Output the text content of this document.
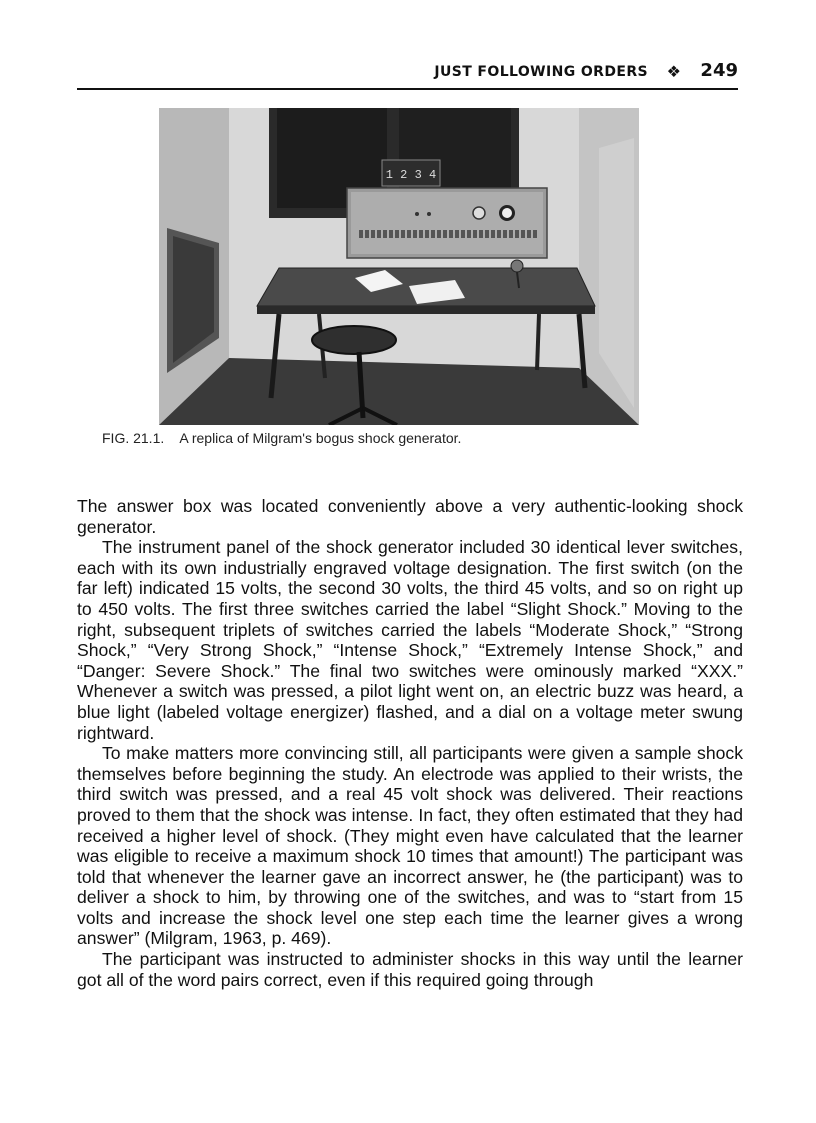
JUST FOLLOWING ORDERS ❖ 249
1 2 3 4
FIG. 21.1. A replica of Milgram's bogus shock generator.

The answer box was located conveniently above a very authentic-looking shock generator.

The instrument panel of the shock generator included 30 identical lever switches, each with its own industrially engraved voltage designation. The first switch (on the far left) indicated 15 volts, the second 30 volts, the third 45 volts, and so on right up to 450 volts. The first three switches carried the label “Slight Shock.” Moving to the right, subsequent triplets of switches carried the labels “Moderate Shock,” “Strong Shock,” “Very Strong Shock,” “Intense Shock,” “Extremely Intense Shock,” and “Danger: Severe Shock.” The final two switches were ominously marked “XXX.” Whenever a switch was pressed, a pilot light went on, an electric buzz was heard, a blue light (labeled voltage energizer) flashed, and a dial on a voltage meter swung rightward.

To make matters more convincing still, all participants were given a sample shock themselves before beginning the study. An electrode was applied to their wrists, the third switch was pressed, and a real 45 volt shock was delivered. Their reactions proved to them that the shock was intense. In fact, they often estimated that they had received a higher level of shock. (They might even have calculated that the learner was eligible to receive a maximum shock 10 times that amount!) The participant was told that whenever the learner gave an incorrect answer, he (the participant) was to deliver a shock to him, by throwing one of the switches, and was to “start from 15 volts and increase the shock level one step each time the learner gives a wrong answer” (Milgram, 1963, p. 469).

The participant was instructed to administer shocks in this way until the learner got all of the word pairs correct, even if this required going through
